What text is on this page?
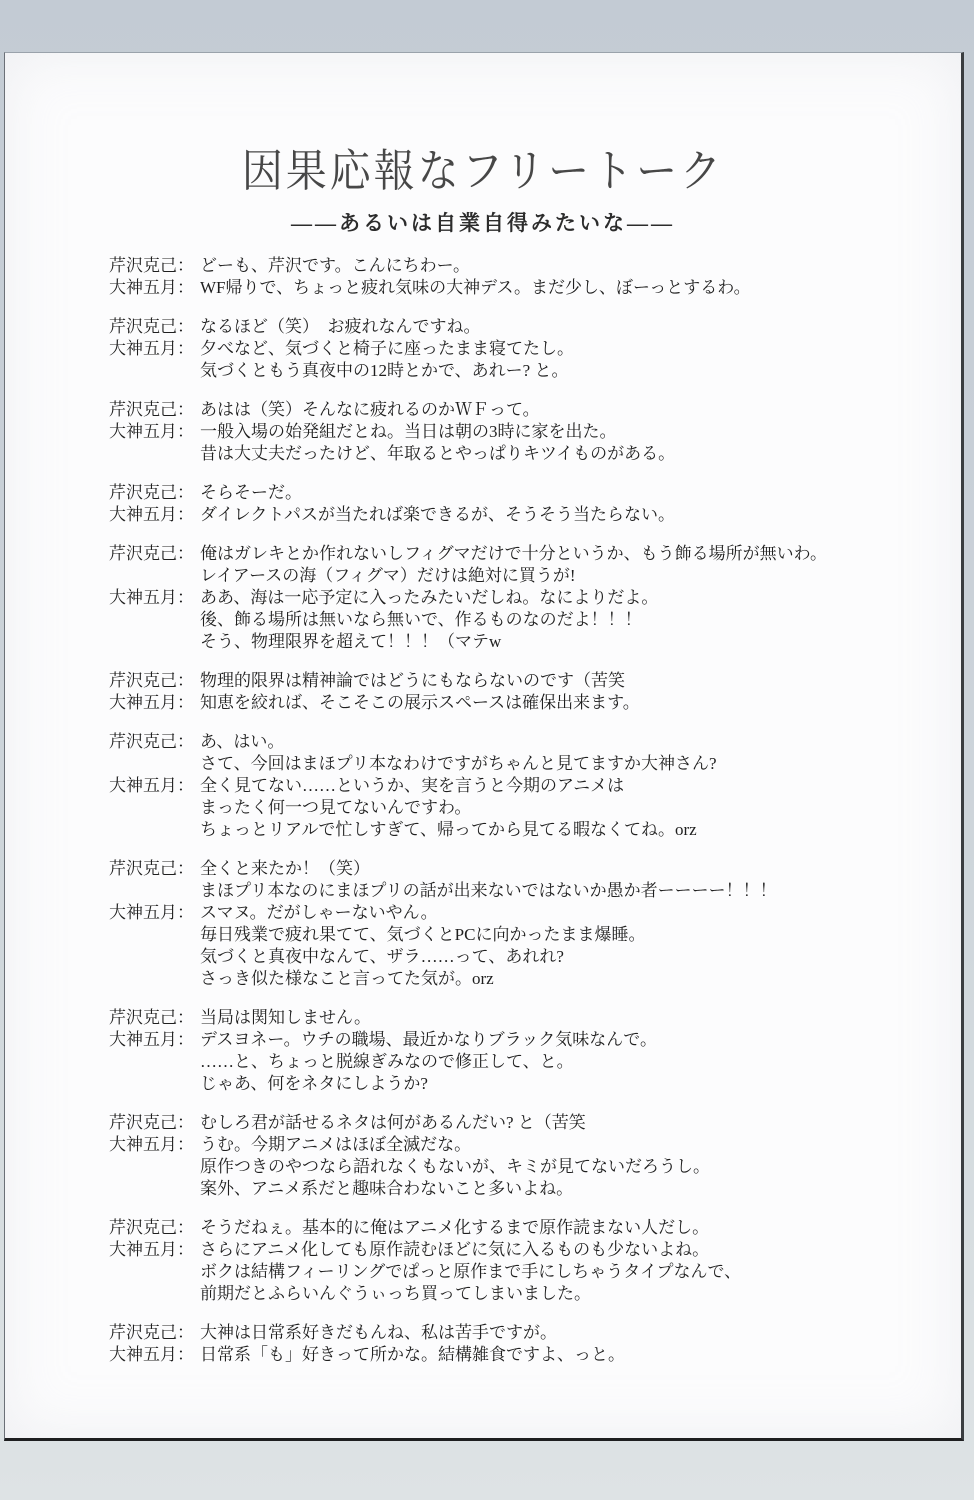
因果応報なフリートーク
――あるいは自業自得みたいな――
芹沢克己： どーも、芹沢です。こんにちわー。
大神五月： WF帰りで、ちょっと疲れ気味の大神デス。まだ少し、ぼーっとするわ。
芹沢克己： なるほど（笑）　お疲れなんですね。
大神五月： 夕べなど、気づくと椅子に座ったまま寝てたし。
気づくともう真夜中の12時とかで、あれー? と。
芹沢克己： あはは（笑）そんなに疲れるのかＷＦって。
大神五月： 一般入場の始発組だとね。当日は朝の3時に家を出た。
昔は大丈夫だったけど、年取るとやっぱりキツイものがある。
芹沢克己： そらそーだ。
大神五月： ダイレクトパスが当たれば楽できるが、そうそう当たらない。
芹沢克己： 俺はガレキとか作れないしフィグマだけで十分というか、もう飾る場所が無いわ。
レイアースの海（フィグマ）だけは絶対に買うが!
大神五月： ああ、海は一応予定に入ったみたいだしね。なによりだよ。
後、飾る場所は無いなら無いで、作るものなのだよ！！！
そう、物理限界を超えて！！！（マテw
芹沢克己： 物理的限界は精神論ではどうにもならないのです（苦笑
大神五月： 知恵を絞れば、そこそこの展示スペースは確保出来ます。
芹沢克己： あ、はい。
さて、今回はまほプリ本なわけですがちゃんと見てますか大神さん?
大神五月： 全く見てない……というか、実を言うと今期のアニメは
まったく何一つ見てないんですわ。
ちょっとリアルで忙しすぎて、帰ってから見てる暇なくてね。orz
芹沢克己： 全くと来たか！（笑）
まほプリ本なのにまほプリの話が出来ないではないか愚か者ーーーー！！！
大神五月： スマヌ。だがしゃーないやん。
毎日残業で疲れ果てて、気づくとPCに向かったまま爆睡。
気づくと真夜中なんて、ザラ……って、あれれ?
さっき似た様なこと言ってた気が。orz
芹沢克己： 当局は関知しません。
大神五月： デスヨネー。ウチの職場、最近かなりブラック気味なんで。
……と、ちょっと脱線ぎみなので修正して、と。
じゃあ、何をネタにしようか?
芹沢克己： むしろ君が話せるネタは何があるんだい? と（苦笑
大神五月： うむ。今期アニメはほぼ全滅だな。
原作つきのやつなら語れなくもないが、キミが見てないだろうし。
案外、アニメ系だと趣味合わないこと多いよね。
芹沢克己： そうだねぇ。基本的に俺はアニメ化するまで原作読まない人だし。
大神五月： さらにアニメ化しても原作読むほどに気に入るものも少ないよね。
ボクは結構フィーリングでぱっと原作まで手にしちゃうタイプなんで、
前期だとふらいんぐうぃっち買ってしまいました。
芹沢克己： 大神は日常系好きだもんね、私は苦手ですが。
大神五月： 日常系「も」好きって所かな。結構雑食ですよ、っと。
